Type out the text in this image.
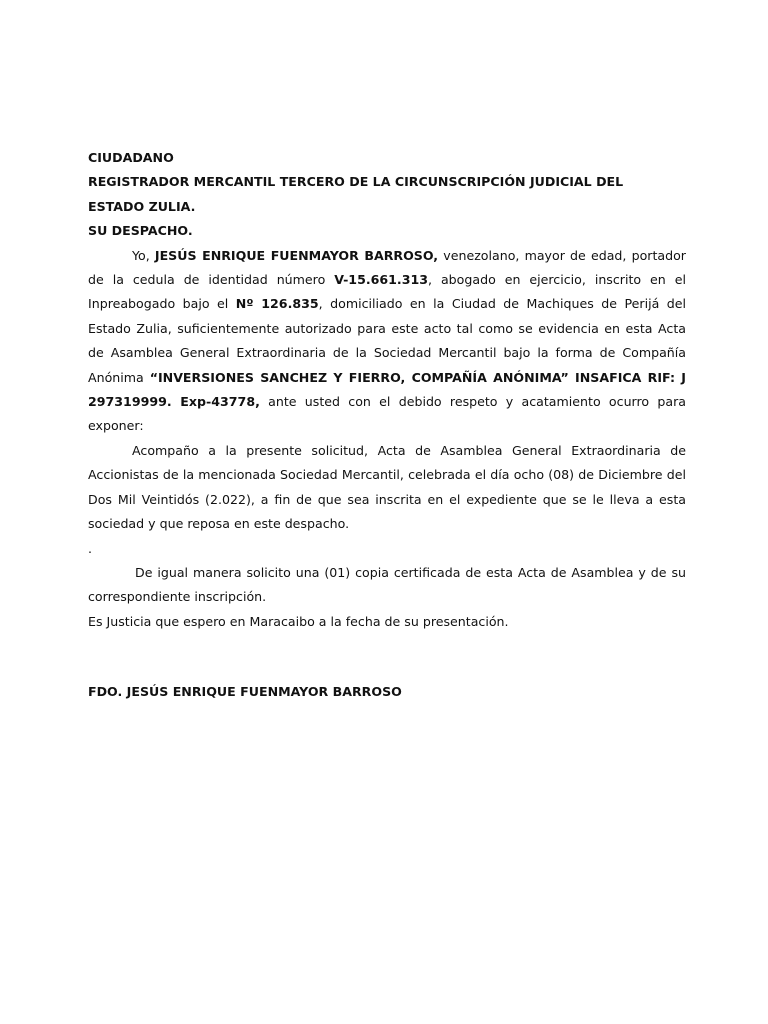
CIUDADANO
REGISTRADOR MERCANTIL TERCERO DE LA CIRCUNSCRIPCIÓN JUDICIAL DEL
ESTADO ZULIA.
SU DESPACHO.

Yo, JESÚS ENRIQUE FUENMAYOR BARROSO, venezolano, mayor de edad, portador de la cedula de identidad número V-15.661.313, abogado en ejercicio, inscrito en el Inpreabogado bajo el Nº 126.835, domiciliado en la Ciudad de Machiques de Perijá del Estado Zulia, suficientemente autorizado para este acto tal como se evidencia en esta Acta de Asamblea General Extraordinaria de la Sociedad Mercantil bajo la forma de Compañía Anónima “INVERSIONES SANCHEZ Y FIERRO, COMPAÑÍA ANÓNIMA” INSAFICA RIF: J 297319999. Exp-43778, ante usted con el debido respeto y acatamiento ocurro para exponer:

Acompaño a la presente solicitud, Acta de Asamblea General Extraordinaria de Accionistas de la mencionada Sociedad Mercantil, celebrada el día ocho (08) de Diciembre del Dos Mil Veintidós (2.022), a fin de que sea inscrita en el expediente que se le lleva a esta sociedad y que reposa en este despacho.

.

De igual manera solicito una (01) copia certificada de esta Acta de Asamblea y de su correspondiente inscripción.

Es Justicia que espero en Maracaibo a la fecha de su presentación.

FDO. JESÚS ENRIQUE FUENMAYOR BARROSO
